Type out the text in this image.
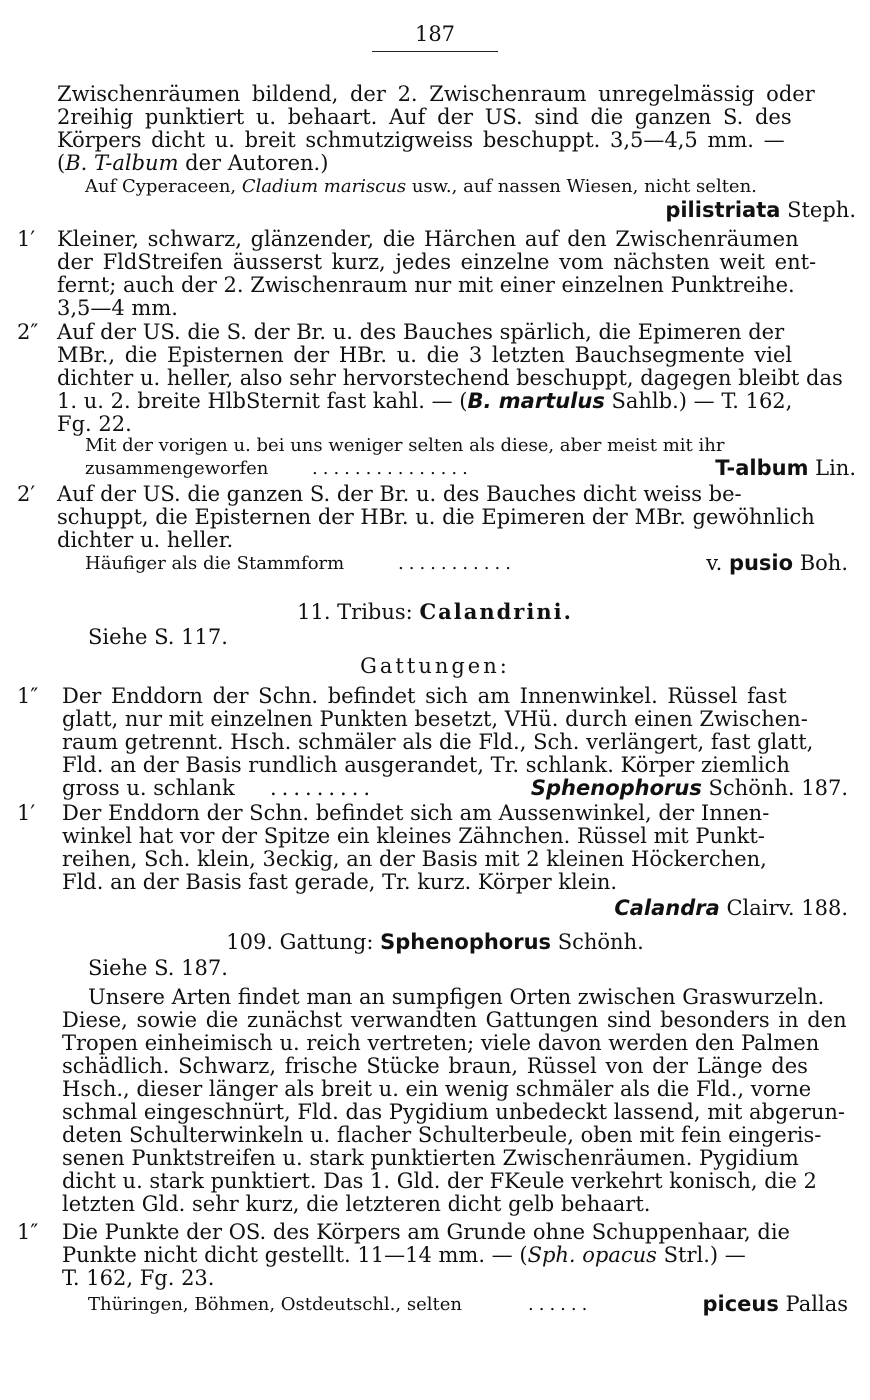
187
Zwischenräumen bildend, der 2. Zwischenraum unregelmässig oder
2reihig punktiert u. behaart. Auf der US. sind die ganzen S. des
Körpers dicht u. breit schmutzigweiss beschuppt. 3,5—4,5 mm. —
(B. T-album der Autoren.)
Auf Cyperaceen, Cladium mariscus usw., auf nassen Wiesen, nicht selten.
pilistriata Steph.
1′ Kleiner, schwarz, glänzender, die Härchen auf den Zwischenräumen
der FldStreifen äusserst kurz, jedes einzelne vom nächsten weit ent-
fernt; auch der 2. Zwischenraum nur mit einer einzelnen Punktreihe.
3,5—4 mm.
2″ Auf der US. die S. der Br. u. des Bauches spärlich, die Epimeren der
MBr., die Episternen der HBr. u. die 3 letzten Bauchsegmente viel
dichter u. heller, also sehr hervorstechend beschuppt, dagegen bleibt das
1. u. 2. breite HlbSternit fast kahl. — (B. martulus Sahlb.) — T. 162,
Fg. 22.
Mit der vorigen u. bei uns weniger selten als diese, aber meist mit ihr
zusammengeworfen ...............	T-album Lin.
2′ Auf der US. die ganzen S. der Br. u. des Bauches dicht weiss be-
schuppt, die Episternen der HBr. u. die Epimeren der MBr. gewöhnlich
dichter u. heller.
Häufiger als die Stammform	...........	v. pusio Boh.
11. Tribus: Calandrini.
Siehe S. 117.
Gattungen:
1″ Der Enddorn der Schn. befindet sich am Innenwinkel. Rüssel fast
glatt, nur mit einzelnen Punkten besetzt, VHü. durch einen Zwischen-
raum getrennt. Hsch. schmäler als die Fld., Sch. verlängert, fast glatt,
Fld. an der Basis rundlich ausgerandet, Tr. schlank. Körper ziemlich
gross u. schlank .........	Sphenophorus Schönh. 187.
1′ Der Enddorn der Schn. befindet sich am Aussenwinkel, der Innen-
winkel hat vor der Spitze ein kleines Zähnchen. Rüssel mit Punkt-
reihen, Sch. klein, 3eckig, an der Basis mit 2 kleinen Höckerchen,
Fld. an der Basis fast gerade, Tr. kurz. Körper klein.
Calandra Clairv. 188.
109. Gattung: Sphenophorus Schönh.
Siehe S. 187.
Unsere Arten findet man an sumpfigen Orten zwischen Graswurzeln.
Diese, sowie die zunächst verwandten Gattungen sind besonders in den
Tropen einheimisch u. reich vertreten; viele davon werden den Palmen
schädlich. Schwarz, frische Stücke braun, Rüssel von der Länge des
Hsch., dieser länger als breit u. ein wenig schmäler als die Fld., vorne
schmal eingeschnürt, Fld. das Pygidium unbedeckt lassend, mit abgerun-
deten Schulterwinkeln u. flacher Schulterbeule, oben mit fein eingeris-
senen Punktstreifen u. stark punktierten Zwischenräumen. Pygidium
dicht u. stark punktiert. Das 1. Gld. der FKeule verkehrt konisch, die 2
letzten Gld. sehr kurz, die letzteren dicht gelb behaart.
1″ Die Punkte der OS. des Körpers am Grunde ohne Schuppenhaar, die
Punkte nicht dicht gestellt. 11—14 mm. — (Sph. opacus Strl.) —
T. 162, Fg. 23.
Thüringen, Böhmen, Ostdeutschl., selten	......	piceus Pallas
